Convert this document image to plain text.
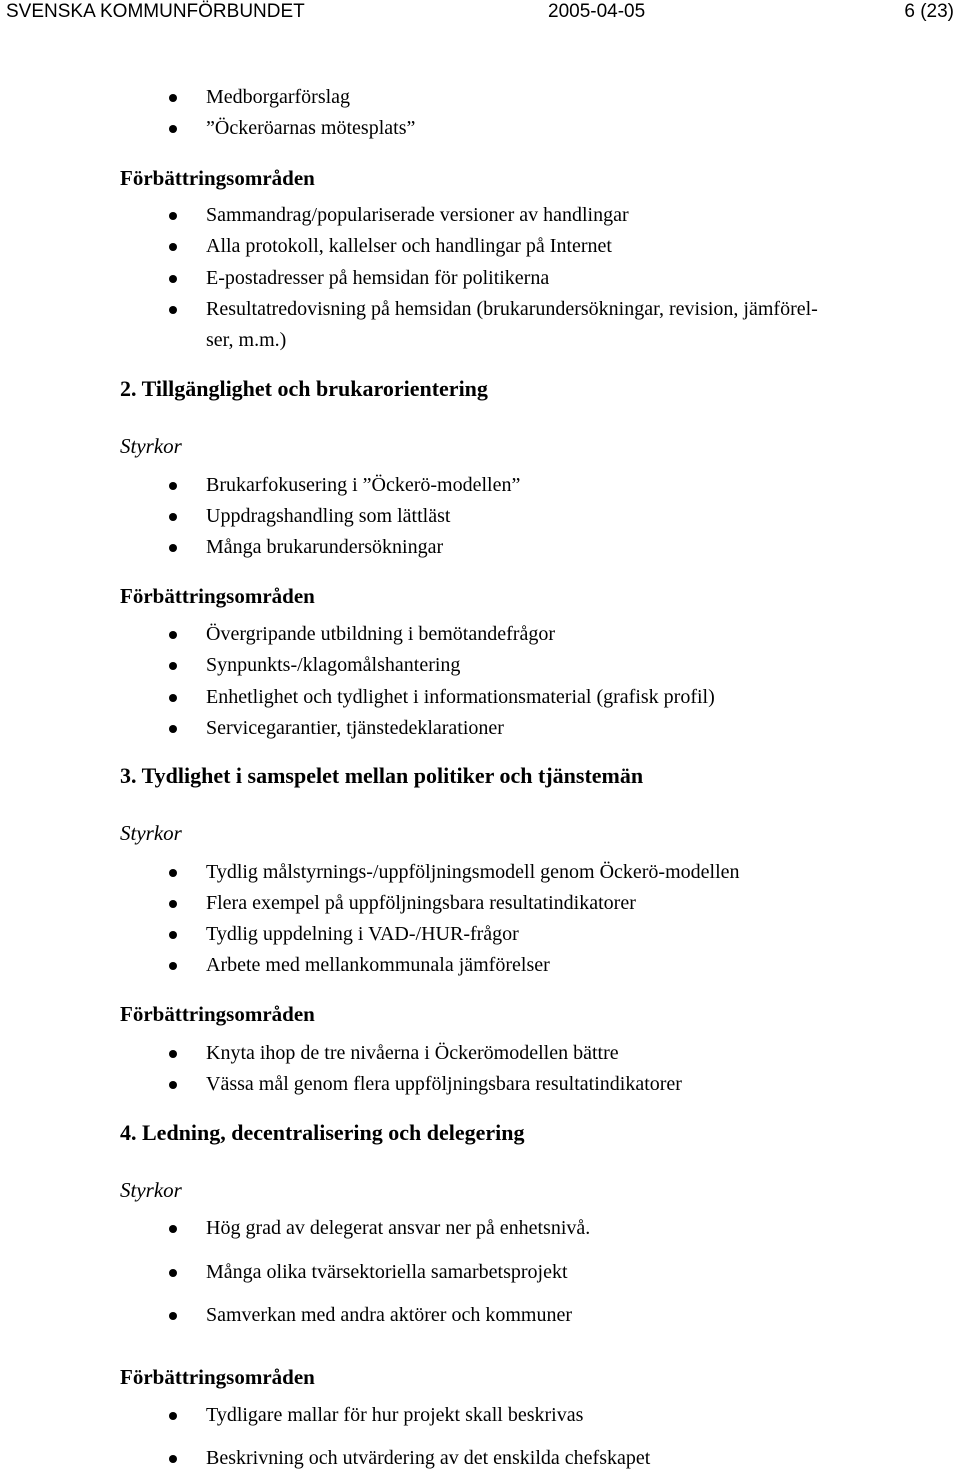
SVENSKA KOMMUNFÖRBUNDET	2005-04-05	6 (23)
Medborgarförslag
”Öckeröarnas mötesplats”
Förbättringsområden
Sammandrag/populariserade versioner av handlingar
Alla protokoll, kallelser och handlingar på Internet
E-postadresser på hemsidan för politikerna
Resultatredovisning på hemsidan (brukarundersökningar, revision, jämförel-
ser, m.m.)
2. Tillgänglighet och brukarorientering
Styrkor
Brukarfokusering i ”Öckerö-modellen”
Uppdragshandling som lättläst
Många brukarundersökningar
Förbättringsområden
Övergripande utbildning i bemötandefrågor
Synpunkts-/klagomålshantering
Enhetlighet och tydlighet i informationsmaterial (grafisk profil)
Servicegarantier, tjänstedeklarationer
3. Tydlighet i samspelet mellan politiker och tjänstemän
Styrkor
Tydlig målstyrnings-/uppföljningsmodell genom Öckerö-modellen
Flera exempel på uppföljningsbara resultatindikatorer
Tydlig uppdelning i VAD-/HUR-frågor
Arbete med mellankommunala jämförelser
Förbättringsområden
Knyta ihop de tre nivåerna i Öckerömodellen bättre
Vässa mål genom flera uppföljningsbara resultatindikatorer
4. Ledning, decentralisering och delegering
Styrkor
Hög grad av delegerat ansvar ner på enhetsnivå.
Många olika tvärsektoriella samarbetsprojekt
Samverkan med andra aktörer och kommuner
Förbättringsområden
Tydligare mallar för hur projekt skall beskrivas
Beskrivning och utvärdering av det enskilda chefskapet
